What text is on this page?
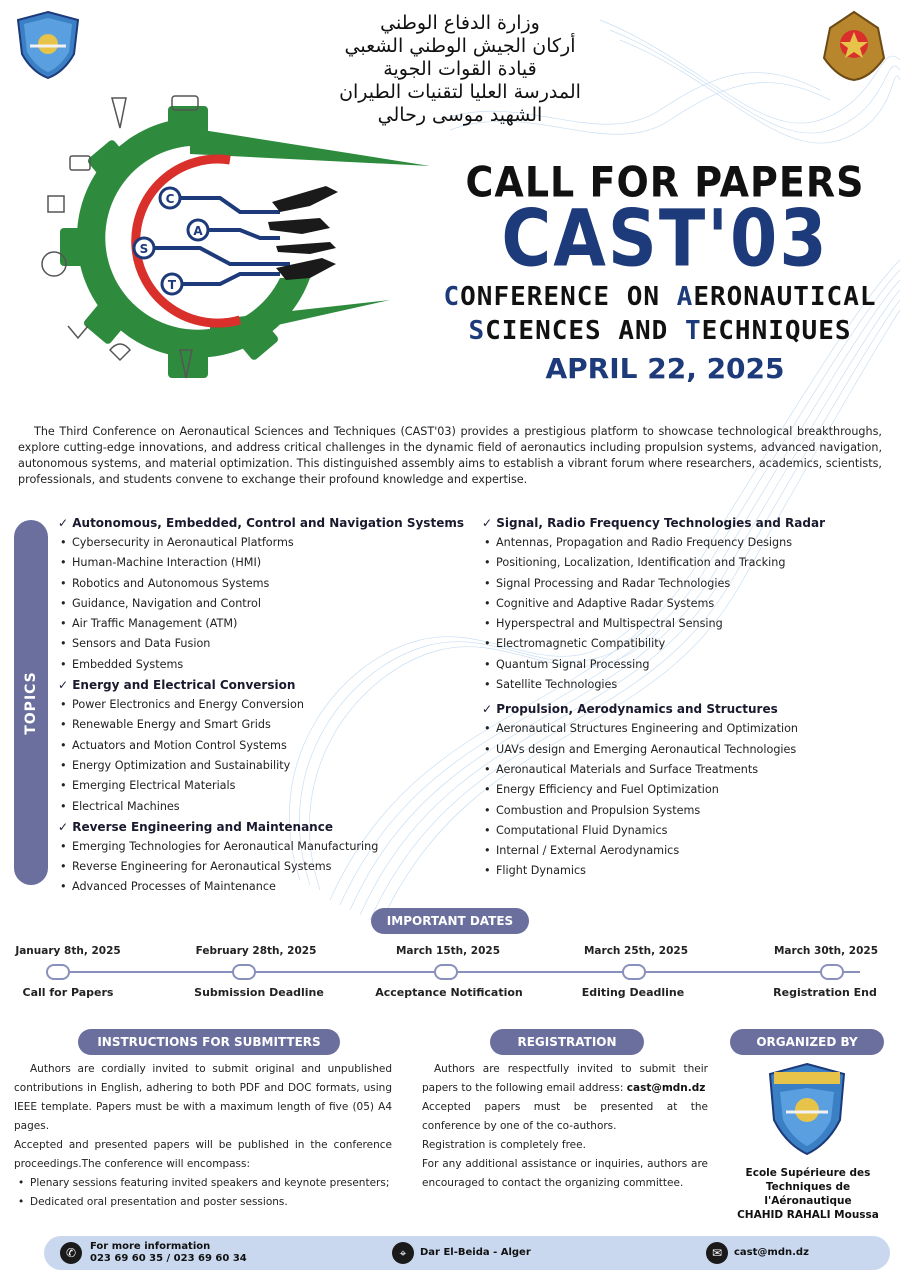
وزارة الدفاع الوطني
أركان الجيش الوطني الشعبي
قيادة القوات الجوية
المدرسة العليا لتقنيات الطيران
الشهيد موسى رحالي
C
A
S
T
CALL FOR PAPERS
CAST'03
CONFERENCE ON AERONAUTICAL
SCIENCES AND TECHNIQUES
APRIL 22, 2025

The Third Conference on Aeronautical Sciences and Techniques (CAST'03) provides a prestigious platform to showcase technological breakthroughs, explore cutting-edge innovations, and address critical challenges in the dynamic field of aeronautics including propulsion systems, advanced navigation, autonomous systems, and material optimization. This distinguished assembly aims to establish a vibrant forum where researchers, academics, scientists, professionals, and students convene to exchange their profound knowledge and expertise.

TOPICS
✓ Autonomous, Embedded, Control and Navigation Systems
• Cybersecurity in Aeronautical Platforms
• Human-Machine Interaction (HMI)
• Robotics and Autonomous Systems
• Guidance, Navigation and Control
• Air Traffic Management (ATM)
• Sensors and Data Fusion
• Embedded Systems
✓ Energy and Electrical Conversion
• Power Electronics and Energy Conversion
• Renewable Energy and Smart Grids
• Actuators and Motion Control Systems
• Energy Optimization and Sustainability
• Emerging Electrical Materials
• Electrical Machines
✓ Reverse Engineering and Maintenance
• Emerging Technologies for Aeronautical Manufacturing
• Reverse Engineering for Aeronautical Systems
• Advanced Processes of Maintenance
✓ Signal, Radio Frequency Technologies and Radar
• Antennas, Propagation and Radio Frequency Designs
• Positioning, Localization, Identification and Tracking
• Signal Processing and Radar Technologies
• Cognitive and Adaptive Radar Systems
• Hyperspectral and Multispectral Sensing
• Electromagnetic Compatibility
• Quantum Signal Processing
• Satellite Technologies
✓ Propulsion, Aerodynamics and Structures
• Aeronautical Structures Engineering and Optimization
• UAVs design and Emerging Aeronautical Technologies
• Aeronautical Materials and Surface Treatments
• Energy Efficiency and Fuel Optimization
• Combustion and Propulsion Systems
• Computational Fluid Dynamics
• Internal / External Aerodynamics
• Flight Dynamics
IMPORTANT DATES
January 8th, 2025	February 28th, 2025	March 15th, 2025	March 25th, 2025	March 30th, 2025
Call for Papers	Submission Deadline	Acceptance Notification	Editing Deadline	Registration End
INSTRUCTIONS FOR SUBMITTERS

Authors are cordially invited to submit original and unpublished contributions in English, adhering to both PDF and DOC formats, using IEEE template. Papers must be with a maximum length of five (05) A4 pages.

Accepted and presented papers will be published in the conference proceedings.The conference will encompass:

• Plenary sessions featuring invited speakers and keynote presenters;
• Dedicated oral presentation and poster sessions.
REGISTRATION

Authors are respectfully invited to submit their papers to the following email address: cast@mdn.dz

Accepted papers must be presented at the conference by one of the co-authors.

Registration is completely free.

For any additional assistance or inquiries, authors are encouraged to contact the organizing committee.

ORGANIZED BY
Ecole Supérieure des
Techniques de l'Aéronautique
CHAHID RAHALI Moussa
✆	For more information
023 69 60 35 / 023 69 60 34	⌖	Dar El-Beida - Alger	✉	cast@mdn.dz
